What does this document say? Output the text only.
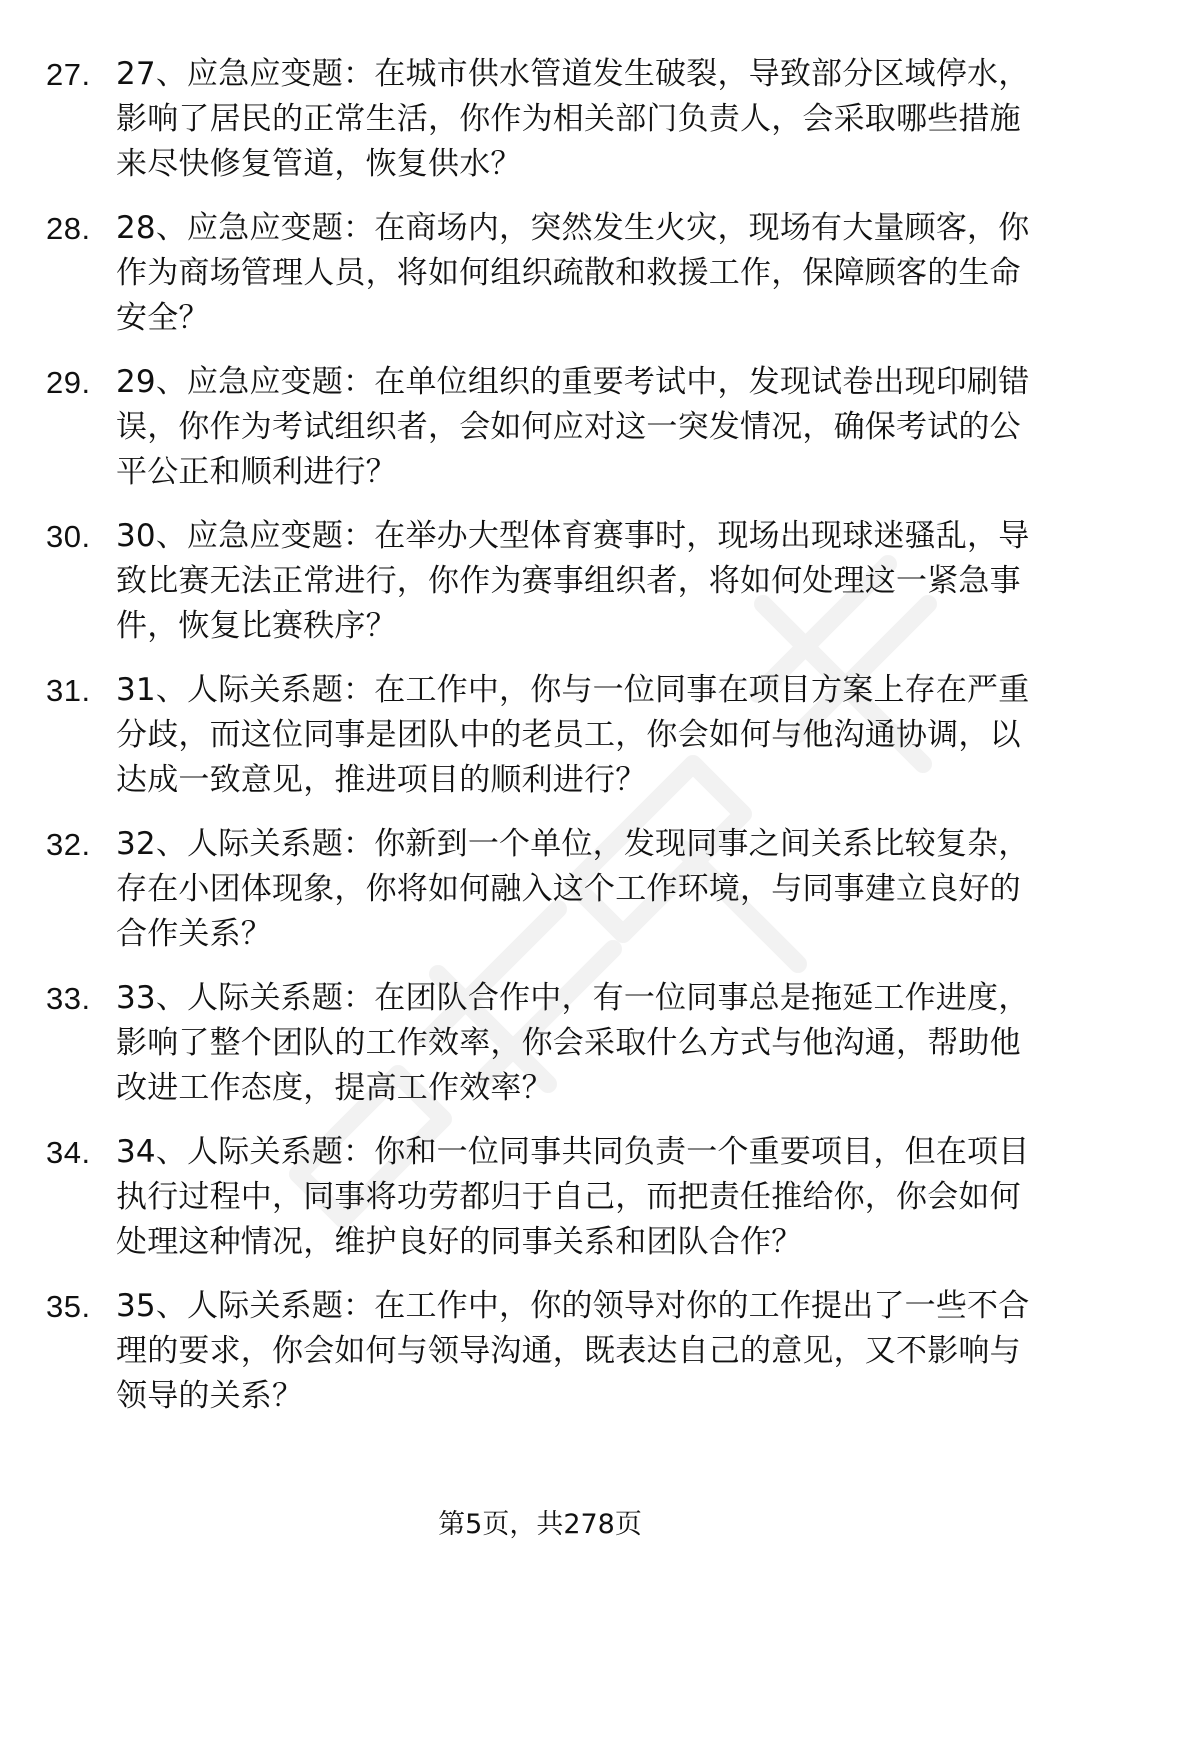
27. 27、应急应变题：在城市供水管道发生破裂，导致部分区域停水，影响了居民的正常生活，你作为相关部门负责人，会采取哪些措施来尽快修复管道，恢复供水？
28. 28、应急应变题：在商场内，突然发生火灾，现场有大量顾客，你作为商场管理人员，将如何组织疏散和救援工作，保障顾客的生命安全？
29. 29、应急应变题：在单位组织的重要考试中，发现试卷出现印刷错误，你作为考试组织者，会如何应对这一突发情况，确保考试的公平公正和顺利进行？
30. 30、应急应变题：在举办大型体育赛事时，现场出现球迷骚乱，导致比赛无法正常进行，你作为赛事组织者，将如何处理这一紧急事件，恢复比赛秩序？
31. 31、人际关系题：在工作中，你与一位同事在项目方案上存在严重分歧，而这位同事是团队中的老员工，你会如何与他沟通协调，以达成一致意见，推进项目的顺利进行？
32. 32、人际关系题：你新到一个单位，发现同事之间关系比较复杂，存在小团体现象，你将如何融入这个工作环境，与同事建立良好的合作关系？
33. 33、人际关系题：在团队合作中，有一位同事总是拖延工作进度，影响了整个团队的工作效率，你会采取什么方式与他沟通，帮助他改进工作态度，提高工作效率？
34. 34、人际关系题：你和一位同事共同负责一个重要项目，但在项目执行过程中，同事将功劳都归于自己，而把责任推给你，你会如何处理这种情况，维护良好的同事关系和团队合作？
35. 35、人际关系题：在工作中，你的领导对你的工作提出了一些不合理的要求，你会如何与领导沟通，既表达自己的意见，又不影响与领导的关系？
第5页，共278页
